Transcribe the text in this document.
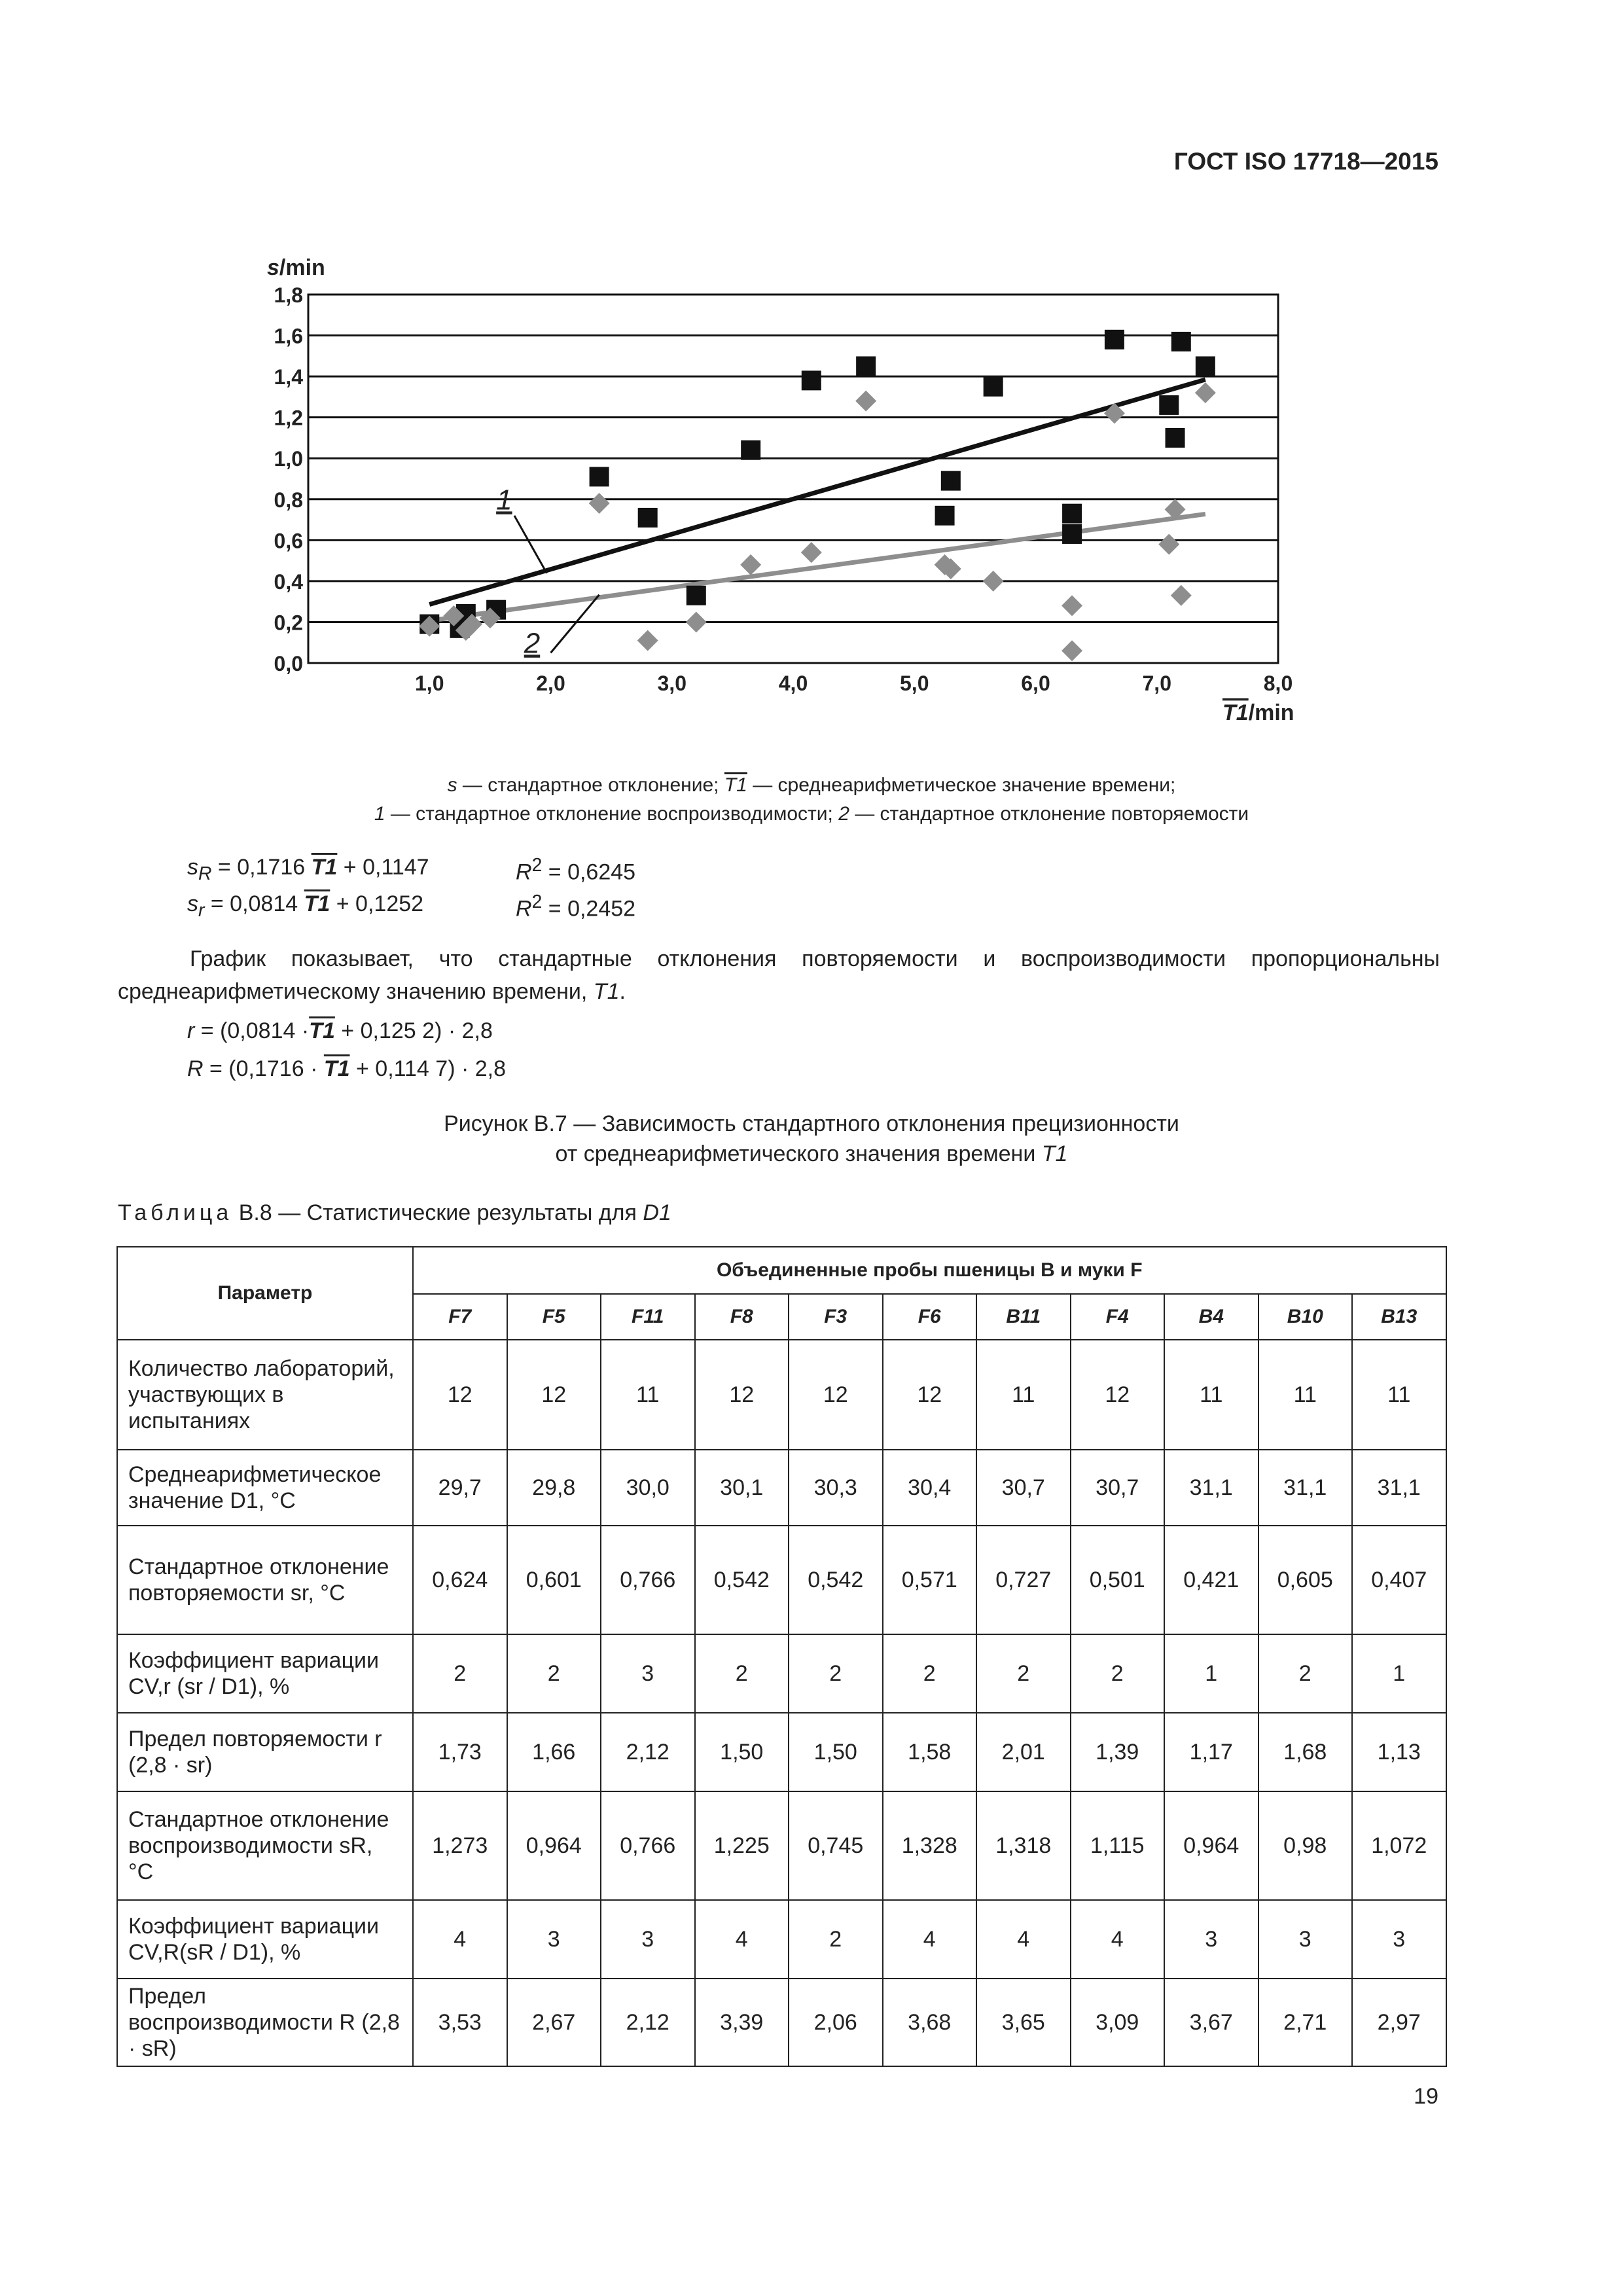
ГОСТ ISO 17718—2015
0,0
0,2
0,4
0,6
0,8
1,0
1,2
1,4
1,6
1,8
1,0	2,0	3,0	4,0	5,0	6,0	7,0	8,0
1
2
s/min
T1/min
s — стандартное отклонение; T1 — среднеарифметическое значение времени;
1 — стандартное отклонение воспроизводимости; 2 — стандартное отклонение повторяемости
$s_R = 0,1716$ T1 + 0,1147	$R^2 = 0,6245$
$s_r = 0,0814$ T1 + 0,1252	$R^2 = 0,2452$
График показывает, что стандартные отклонения повторяемости и воспроизводимости пропорциональны среднеарифметическому значению времени, T1.
r = (0,0814 ·T1 + 0,125 2) · 2,8
R = (0,1716 · T1 + 0,114 7) · 2,8
Рисунок В.7 — Зависимость стандартного отклонения прецизионности
от среднеарифметического значения времени T1
Таблица В.8 — Статистические результаты для D1
Параметр	Объединенные пробы пшеницы B и муки F										
	F7	F5	F11	F8	F3	F6	B11	F4	B4	B10	B13
Количество лабораторий, участвующих в испытаниях	12	12	11	12	12	12	11	12	11	11	11
Среднеарифметическое значение D1, °C	29,7	29,8	30,0	30,1	30,3	30,4	30,7	30,7	31,1	31,1	31,1
Стандартное отклонение повторяемости sr, °C	0,624	0,601	0,766	0,542	0,542	0,571	0,727	0,501	0,421	0,605	0,407
Коэффициент вариации CV,r (sr / D1), %	2	2	3	2	2	2	2	2	1	2	1
Предел повторяемости r (2,8 · sr)	1,73	1,66	2,12	1,50	1,50	1,58	2,01	1,39	1,17	1,68	1,13
Стандартное отклонение воспроизводимости sR, °C	1,273	0,964	0,766	1,225	0,745	1,328	1,318	1,115	0,964	0,98	1,072
Коэффициент вариации CV,R(sR / D1), %	4	3	3	4	2	4	4	4	3	3	3
Предел воспроизводимости R (2,8 · sR)	3,53	2,67	2,12	3,39	2,06	3,68	3,65	3,09	3,67	2,71	2,97
19
